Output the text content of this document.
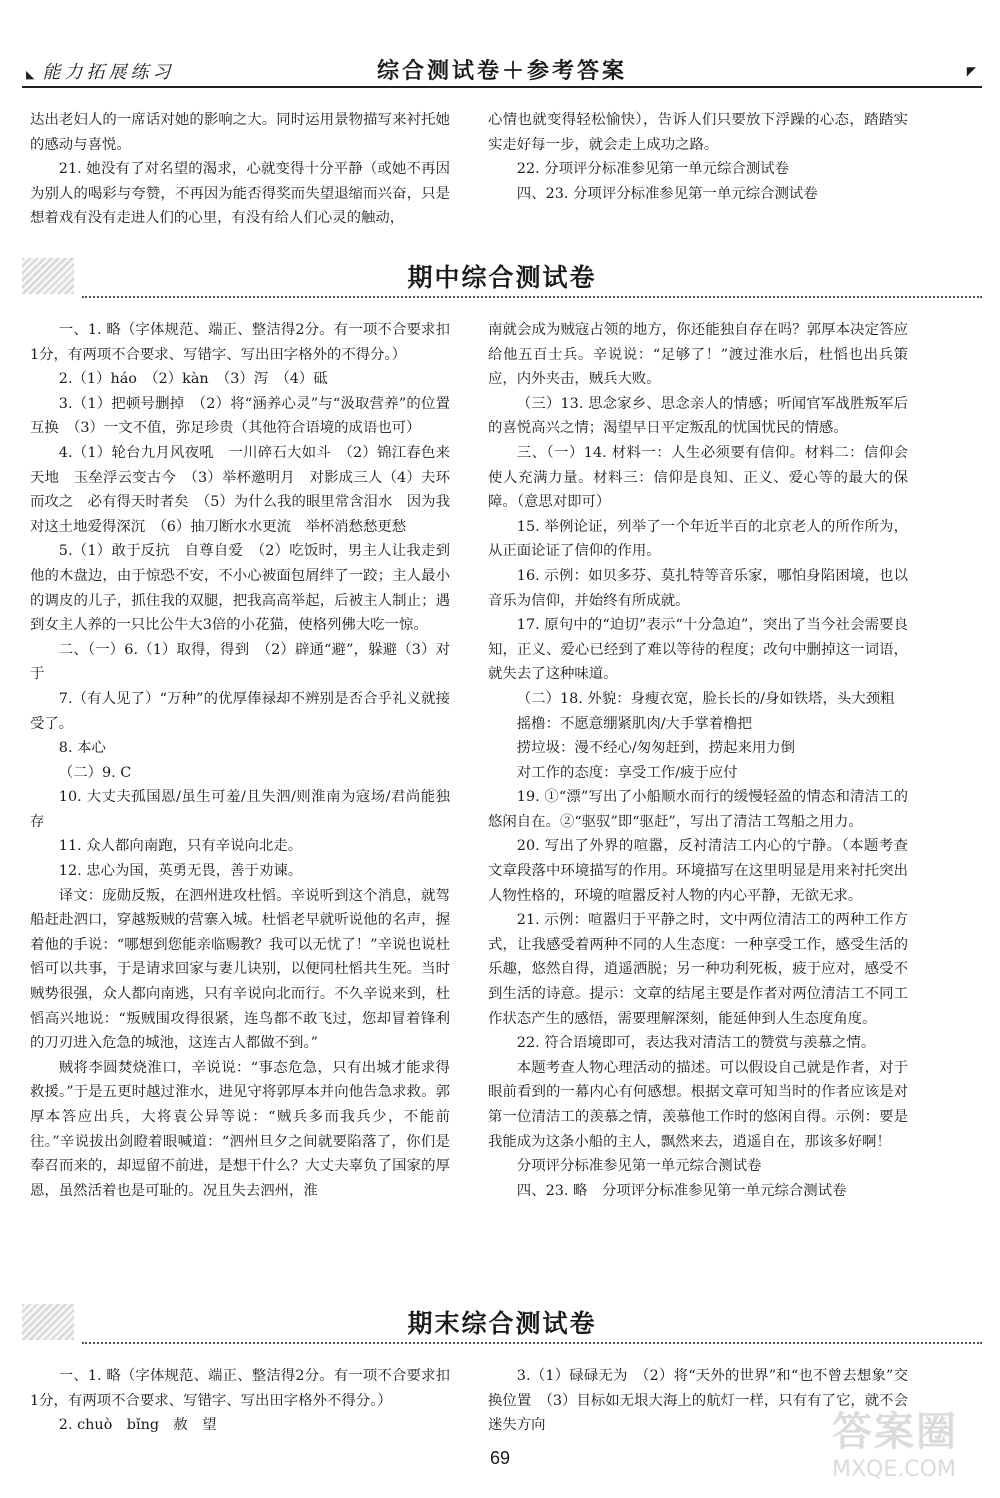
◣ 能力拓展练习	综合测试卷＋参考答案	◤

达出老妇人的一席话对她的影响之大。同时运用景物描写来衬托她的感动与喜悦。

21. 她没有了对名望的渴求，心就变得十分平静（或她不再因为别人的喝彩与夸赞，不再因为能否得奖而失望退缩而兴奋，只是想着戏有没有走进人们的心里，有没有给人们心灵的触动，

心情也就变得轻松愉快），告诉人们只要放下浮躁的心态，踏踏实实走好每一步，就会走上成功之路。

22. 分项评分标准参见第一单元综合测试卷

四、23. 分项评分标准参见第一单元综合测试卷

期中综合测试卷

一、1. 略（字体规范、端正、整洁得2分。有一项不合要求扣1分，有两项不合要求、写错字、写出田字格外的不得分。）

2.（1）háo　（2）kàn　（3）泻　（4）砥

3.（1）把顿号删掉　（2）将“涵养心灵”与“汲取营养”的位置互换　（3）一文不值，弥足珍贵（其他符合语境的成语也可）

4.（1）轮台九月风夜吼　一川碎石大如斗　（2）锦江春色来天地　玉垒浮云变古今　（3）举杯邀明月　对影成三人（4）夫环而攻之　必有得天时者矣　（5）为什么我的眼里常含泪水　因为我对这土地爱得深沉　（6）抽刀断水水更流　举杯消愁愁更愁

5.（1）敢于反抗　自尊自爱　（2）吃饭时，男主人让我走到他的木盘边，由于惊恐不安，不小心被面包屑绊了一跤；主人最小的调皮的儿子，抓住我的双腿，把我高高举起，后被主人制止；遇到女主人养的一只比公牛大3倍的小花猫，使格列佛大吃一惊。

二、（一）6.（1）取得，得到　（2）辟通“避”，躲避（3）对于

7.（有人见了）“万种”的优厚俸禄却不辨别是否合乎礼义就接受了。

8. 本心

（二）9. C

10. 大丈夫孤国恩/虽生可羞/且失泗/则淮南为寇场/君尚能独存

11. 众人都向南跑，只有辛说向北走。

12. 忠心为国，英勇无畏，善于劝谏。

译文：庞勋反叛，在泗州进攻杜慆。辛说听到这个消息，就驾船赶赴泗口，穿越叛贼的营寨入城。杜慆老早就听说他的名声，握着他的手说：“哪想到您能亲临赐教？我可以无忧了！”辛说也说杜慆可以共事，于是请求回家与妻儿诀别，以便同杜慆共生死。当时贼势很强，众人都向南逃，只有辛说向北而行。不久辛说来到，杜慆高兴地说：“叛贼围攻得很紧，连鸟都不敢飞过，您却冒着锋利的刀刃进入危急的城池，这连古人都做不到。”

贼将李圆焚烧淮口，辛说说：“事态危急，只有出城才能求得救援。”于是五更时越过淮水，进见守将郭厚本并向他告急求救。郭厚本答应出兵，大将袁公异等说：“贼兵多而我兵少，不能前往。”辛说拔出剑瞪着眼喊道：“泗州旦夕之间就要陷落了，你们是奉召而来的，却逗留不前进，是想干什么？大丈夫辜负了国家的厚恩，虽然活着也是可耻的。况且失去泗州，淮

南就会成为贼寇占领的地方，你还能独自存在吗？郭厚本决定答应给他五百士兵。辛说说：“足够了！”渡过淮水后，杜慆也出兵策应，内外夹击，贼兵大败。

（三）13. 思念家乡、思念亲人的情感；听闻官军战胜叛军后的喜悦高兴之情；渴望早日平定叛乱的忧国忧民的情感。

三、（一）14. 材料一：人生必须要有信仰。材料二：信仰会使人充满力量。材料三：信仰是良知、正义、爱心等的最大的保障。（意思对即可）

15. 举例论证，列举了一个年近半百的北京老人的所作所为，从正面论证了信仰的作用。

16. 示例：如贝多芬、莫扎特等音乐家，哪怕身陷困境，也以音乐为信仰，并始终有所成就。

17. 原句中的“迫切”表示“十分急迫”，突出了当今社会需要良知，正义、爱心已经到了难以等待的程度；改句中删掉这一词语，就失去了这种味道。

（二）18. 外貌：身瘦衣宽，脸长长的/身如铁塔，头大颈粗

摇橹：不愿意绷紧肌肉/大手掌着橹把

捞垃圾：漫不经心/匆匆赶到，捞起来用力倒

对工作的态度：享受工作/疲于应付

19. ①“漂”写出了小船顺水而行的缓慢轻盈的情态和清洁工的悠闲自在。②“驱驭”即“驱赶”，写出了清洁工驾船之用力。

20. 写出了外界的喧嚣，反衬清洁工内心的宁静。（本题考查文章段落中环境描写的作用。环境描写在这里明显是用来衬托突出人物性格的，环境的喧嚣反衬人物的内心平静，无欲无求。

21. 示例：喧嚣归于平静之时，文中两位清洁工的两种工作方式，让我感受着两种不同的人生态度：一种享受工作，感受生活的乐趣，悠然自得，逍遥洒脱；另一种功利死板，疲于应对，感受不到生活的诗意。提示：文章的结尾主要是作者对两位清洁工不同工作状态产生的感悟，需要理解深刻，能延伸到人生态度角度。

22. 符合语境即可，表达我对清洁工的赞赏与羡慕之情。

本题考查人物心理活动的描述。可以假设自己就是作者，对于眼前看到的一幕内心有何感想。根据文章可知当时的作者应该是对第一位清洁工的羡慕之情，羡慕他工作时的悠闲自得。示例：要是我能成为这条小船的主人，飘然来去，逍遥自在，那该多好啊！

分项评分标准参见第一单元综合测试卷

四、23. 略　分项评分标准参见第一单元综合测试卷

期末综合测试卷

一、1. 略（字体规范、端正、整洁得2分。有一项不合要求扣1分，有两项不合要求、写错字、写出田字格外不得分。）

2. chuò　bǐng　赦　望

3.（1）碌碌无为　（2）将“天外的世界”和“也不曾去想象”交换位置　（3）目标如无垠大海上的航灯一样，只有有了它，就不会迷失方向

69
答案圈
MXQE.COM
